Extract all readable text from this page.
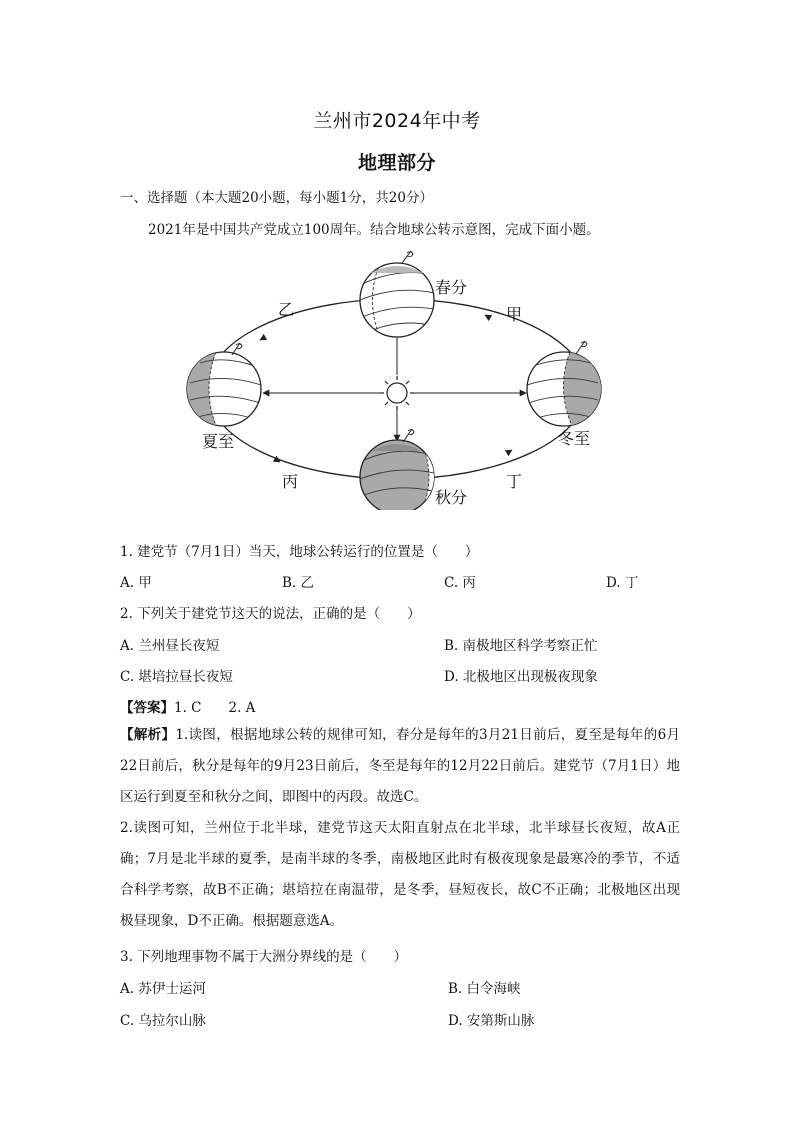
兰州市2024年中考
地理部分
一、选择题（本大题20小题，每小题1分，共20分）
2021年是中国共产党成立100周年。结合地球公转示意图，完成下面小题。
春分
夏至
秋分
冬至
甲
乙
丙	丁
1. 建党节（7月1日）当天，地球公转运行的位置是（　　）
A. 甲	B. 乙	C. 丙	D. 丁
2. 下列关于建党节这天的说法，正确的是（　　）
A. 兰州昼长夜短	B. 南极地区科学考察正忙
C. 堪培拉昼长夜短	D. 北极地区出现极夜现象
【答案】1. C　　2. A
【解析】1.读图，根据地球公转的规律可知，春分是每年的3月21日前后，夏至是每年的6月22日前后，秋分是每年的9月23日前后，冬至是每年的12月22日前后。建党节（7月1日）地区运行到夏至和秋分之间，即图中的丙段。故选C。
2.读图可知，兰州位于北半球，建党节这天太阳直射点在北半球，北半球昼长夜短，故A正确；7月是北半球的夏季，是南半球的冬季，南极地区此时有极夜现象是最寒冷的季节，不适合科学考察，故B不正确；堪培拉在南温带，是冬季，昼短夜长，故C不正确；北极地区出现极昼现象，D不正确。根据题意选A。
3. 下列地理事物不属于大洲分界线的是（　　）
A. 苏伊士运河	B. 白令海峡
C. 乌拉尔山脉	D. 安第斯山脉
